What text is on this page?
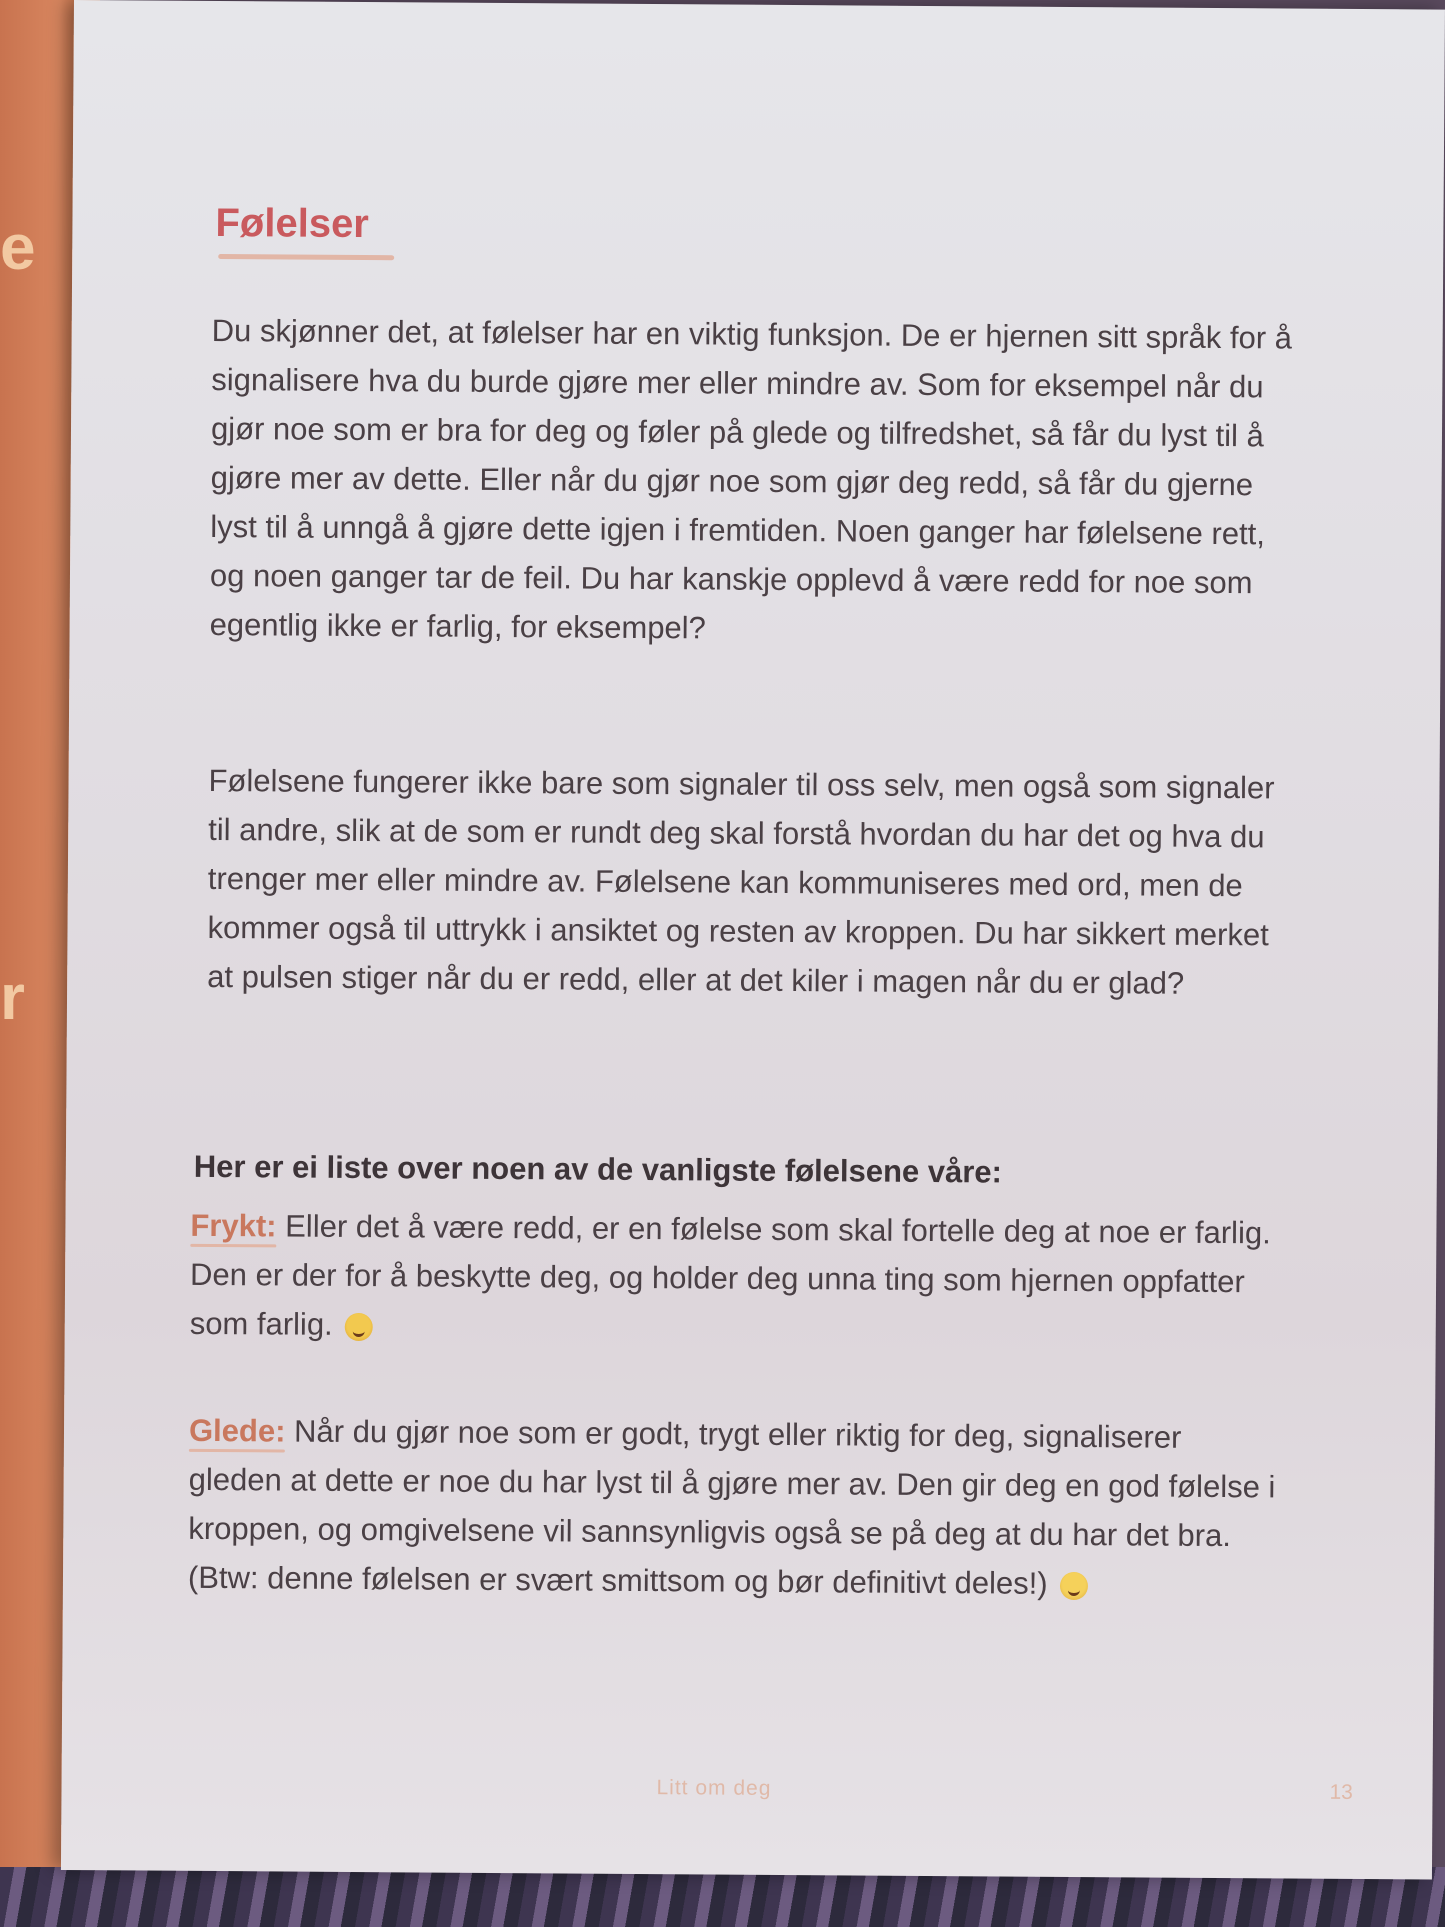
e
r
Følelser
Du skjønner det, at følelser har en viktig funksjon. De er hjernen sitt språk for å signalisere hva du burde gjøre mer eller mindre av. Som for eksempel når du gjør noe som er bra for deg og føler på glede og tilfredshet, så får du lyst til å gjøre mer av dette. Eller når du gjør noe som gjør deg redd, så får du gjerne lyst til å unngå å gjøre dette igjen i fremtiden. Noen ganger har følelsene rett, og noen ganger tar de feil. Du har kanskje opplevd å være redd for noe som egentlig ikke er farlig, for eksempel?
Følelsene fungerer ikke bare som signaler til oss selv, men også som signaler til andre, slik at de som er rundt deg skal forstå hvordan du har det og hva du trenger mer eller mindre av. Følelsene kan kommuniseres med ord, men de kommer også til uttrykk i ansiktet og resten av kroppen. Du har sikkert merket at pulsen stiger når du er redd, eller at det kiler i magen når du er glad?
Her er ei liste over noen av de vanligste følelsene våre:
Frykt:
Eller det å være redd, er en følelse som skal fortelle deg at noe er farlig. Den er der for å beskytte deg, og holder deg unna ting som hjernen oppfatter som farlig.
Glede:
Når du gjør noe som er godt, trygt eller riktig for deg, signaliserer gleden at dette er noe du har lyst til å gjøre mer av. Den gir deg en god følelse i kroppen, og omgivelsene vil sannsynligvis også se på deg at du har det bra. (Btw: denne følelsen er svært smittsom og bør definitivt deles!)
Litt om deg	13
